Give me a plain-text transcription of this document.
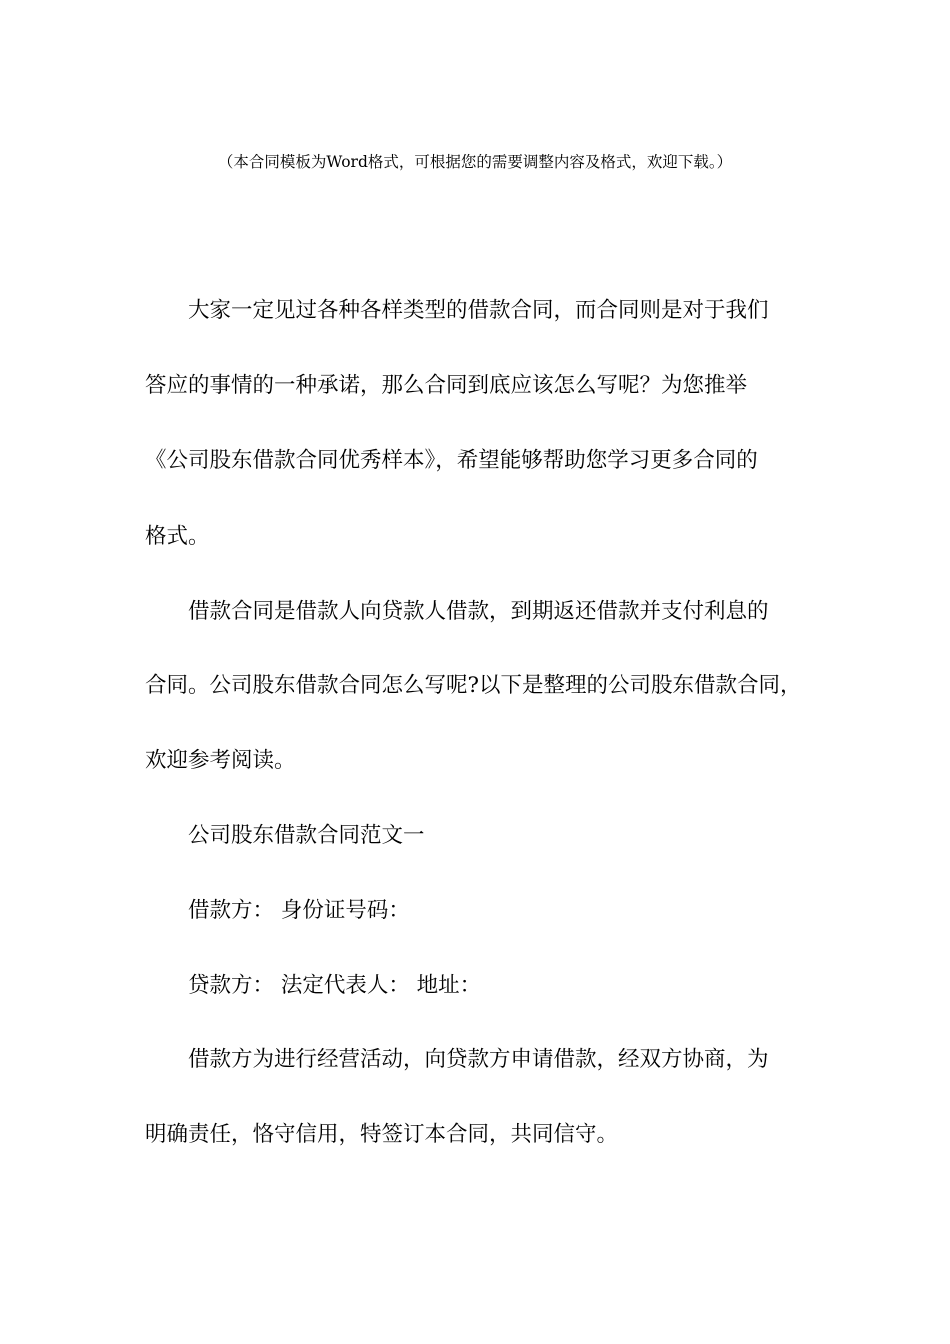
（本合同模板为Word格式，可根据您的需要调整内容及格式，欢迎下载。）
大家一定见过各种各样类型的借款合同，而合同则是对于我们
答应的事情的一种承诺，那么合同到底应该怎么写呢？为您推举
《公司股东借款合同优秀样本》，希望能够帮助您学习更多合同的
格式。
借款合同是借款人向贷款人借款，到期返还借款并支付利息的
合同。公司股东借款合同怎么写呢?以下是整理的公司股东借款合同，
欢迎参考阅读。
公司股东借款合同范文一
借款方： 身份证号码：
贷款方： 法定代表人： 地址：
借款方为进行经营活动，向贷款方申请借款，经双方协商，为
明确责任，恪守信用，特签订本合同，共同信守。
